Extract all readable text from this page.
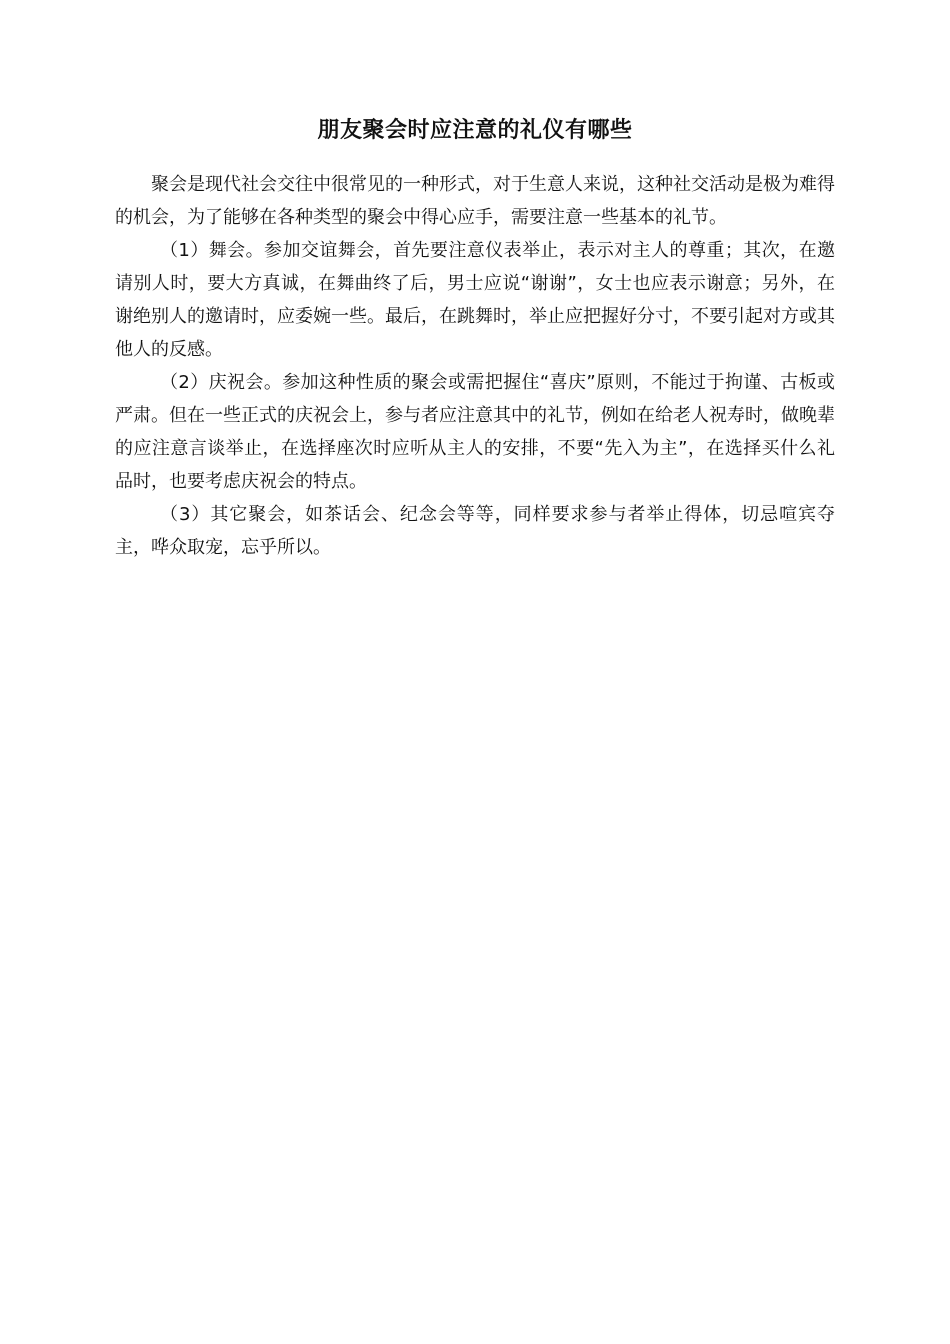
朋友聚会时应注意的礼仪有哪些

聚会是现代社会交往中很常见的一种形式，对于生意人来说，这种社交活动是极为难得的机会，为了能够在各种类型的聚会中得心应手，需要注意一些基本的礼节。

（1）舞会。参加交谊舞会，首先要注意仪表举止，表示对主人的尊重；其次，在邀请别人时，要大方真诚，在舞曲终了后，男士应说“谢谢”，女士也应表示谢意；另外，在谢绝别人的邀请时，应委婉一些。最后，在跳舞时，举止应把握好分寸，不要引起对方或其他人的反感。

（2）庆祝会。参加这种性质的聚会或需把握住“喜庆”原则，不能过于拘谨、古板或严肃。但在一些正式的庆祝会上，参与者应注意其中的礼节，例如在给老人祝寿时，做晚辈的应注意言谈举止，在选择座次时应听从主人的安排，不要“先入为主”，在选择买什么礼品时，也要考虑庆祝会的特点。

（3）其它聚会，如茶话会、纪念会等等，同样要求参与者举止得体，切忌喧宾夺主，哗众取宠，忘乎所以。
